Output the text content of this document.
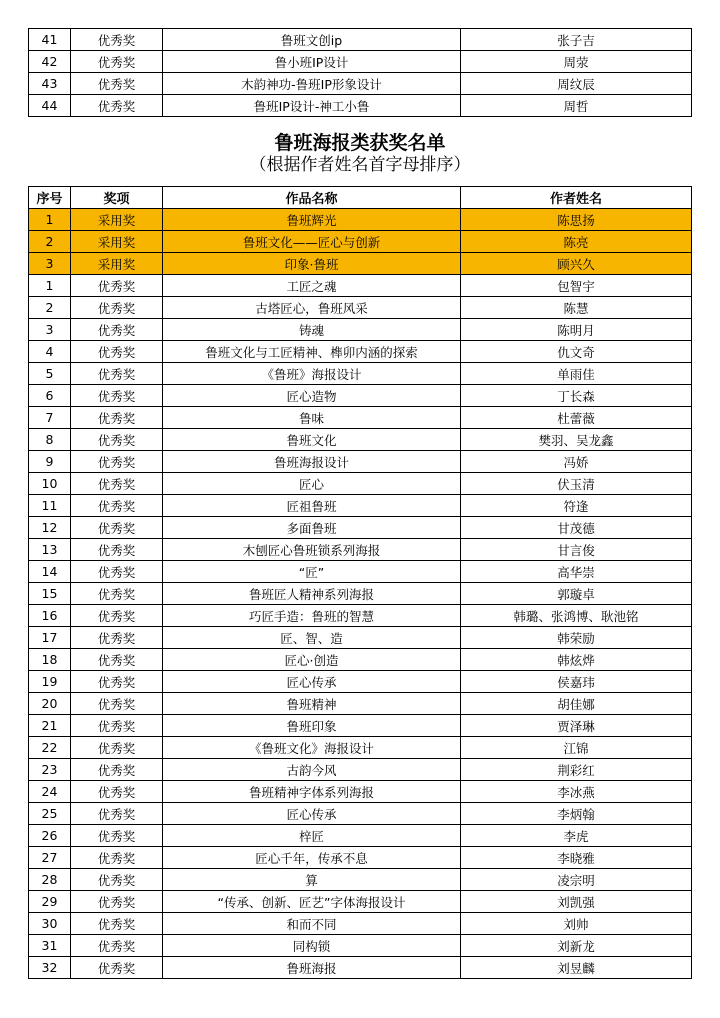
41	优秀奖	鲁班文创ip	张子吉
42	优秀奖	鲁小班IP设计	周荥
43	优秀奖	木韵神功-鲁班IP形象设计	周纹辰
44	优秀奖	鲁班IP设计-神工小鲁	周哲
鲁班海报类获奖名单
（根据作者姓名首字母排序）
序号	奖项	作品名称	作者姓名
1	采用奖	鲁班辉光	陈思扬
2	采用奖	鲁班文化——匠心与创新	陈亮
3	采用奖	印象·鲁班	顾兴久
1	优秀奖	工匠之魂	包智宇
2	优秀奖	古塔匠心，鲁班风采	陈慧
3	优秀奖	铸魂	陈明月
4	优秀奖	鲁班文化与工匠精神、榫卯内涵的探索	仇文奇
5	优秀奖	《鲁班》海报设计	单雨佳
6	优秀奖	匠心造物	丁长森
7	优秀奖	鲁味	杜蕾薇
8	优秀奖	鲁班文化	樊羽、吴龙鑫
9	优秀奖	鲁班海报设计	冯娇
10	优秀奖	匠心	伏玉清
11	优秀奖	匠祖鲁班	符逢
12	优秀奖	多面鲁班	甘茂德
13	优秀奖	木刨匠心鲁班锁系列海报	甘言俊
14	优秀奖	“匠”	高华崇
15	优秀奖	鲁班匠人精神系列海报	郭璇卓
16	优秀奖	巧匠手造：鲁班的智慧	韩璐、张鸿博、耿池铭
17	优秀奖	匠、智、造	韩荣励
18	优秀奖	匠心·创造	韩炫烨
19	优秀奖	匠心传承	侯嘉玮
20	优秀奖	鲁班精神	胡佳娜
21	优秀奖	鲁班印象	贾泽琳
22	优秀奖	《鲁班文化》海报设计	江锦
23	优秀奖	古韵今风	荆彩红
24	优秀奖	鲁班精神字体系列海报	李冰燕
25	优秀奖	匠心传承	李炳翰
26	优秀奖	梓匠	李虎
27	优秀奖	匠心千年，传承不息	李晓雅
28	优秀奖	算	凌宗明
29	优秀奖	“传承、创新、匠艺”字体海报设计	刘凯强
30	优秀奖	和而不同	刘帅
31	优秀奖	同构锁	刘新龙
32	优秀奖	鲁班海报	刘昱麟
